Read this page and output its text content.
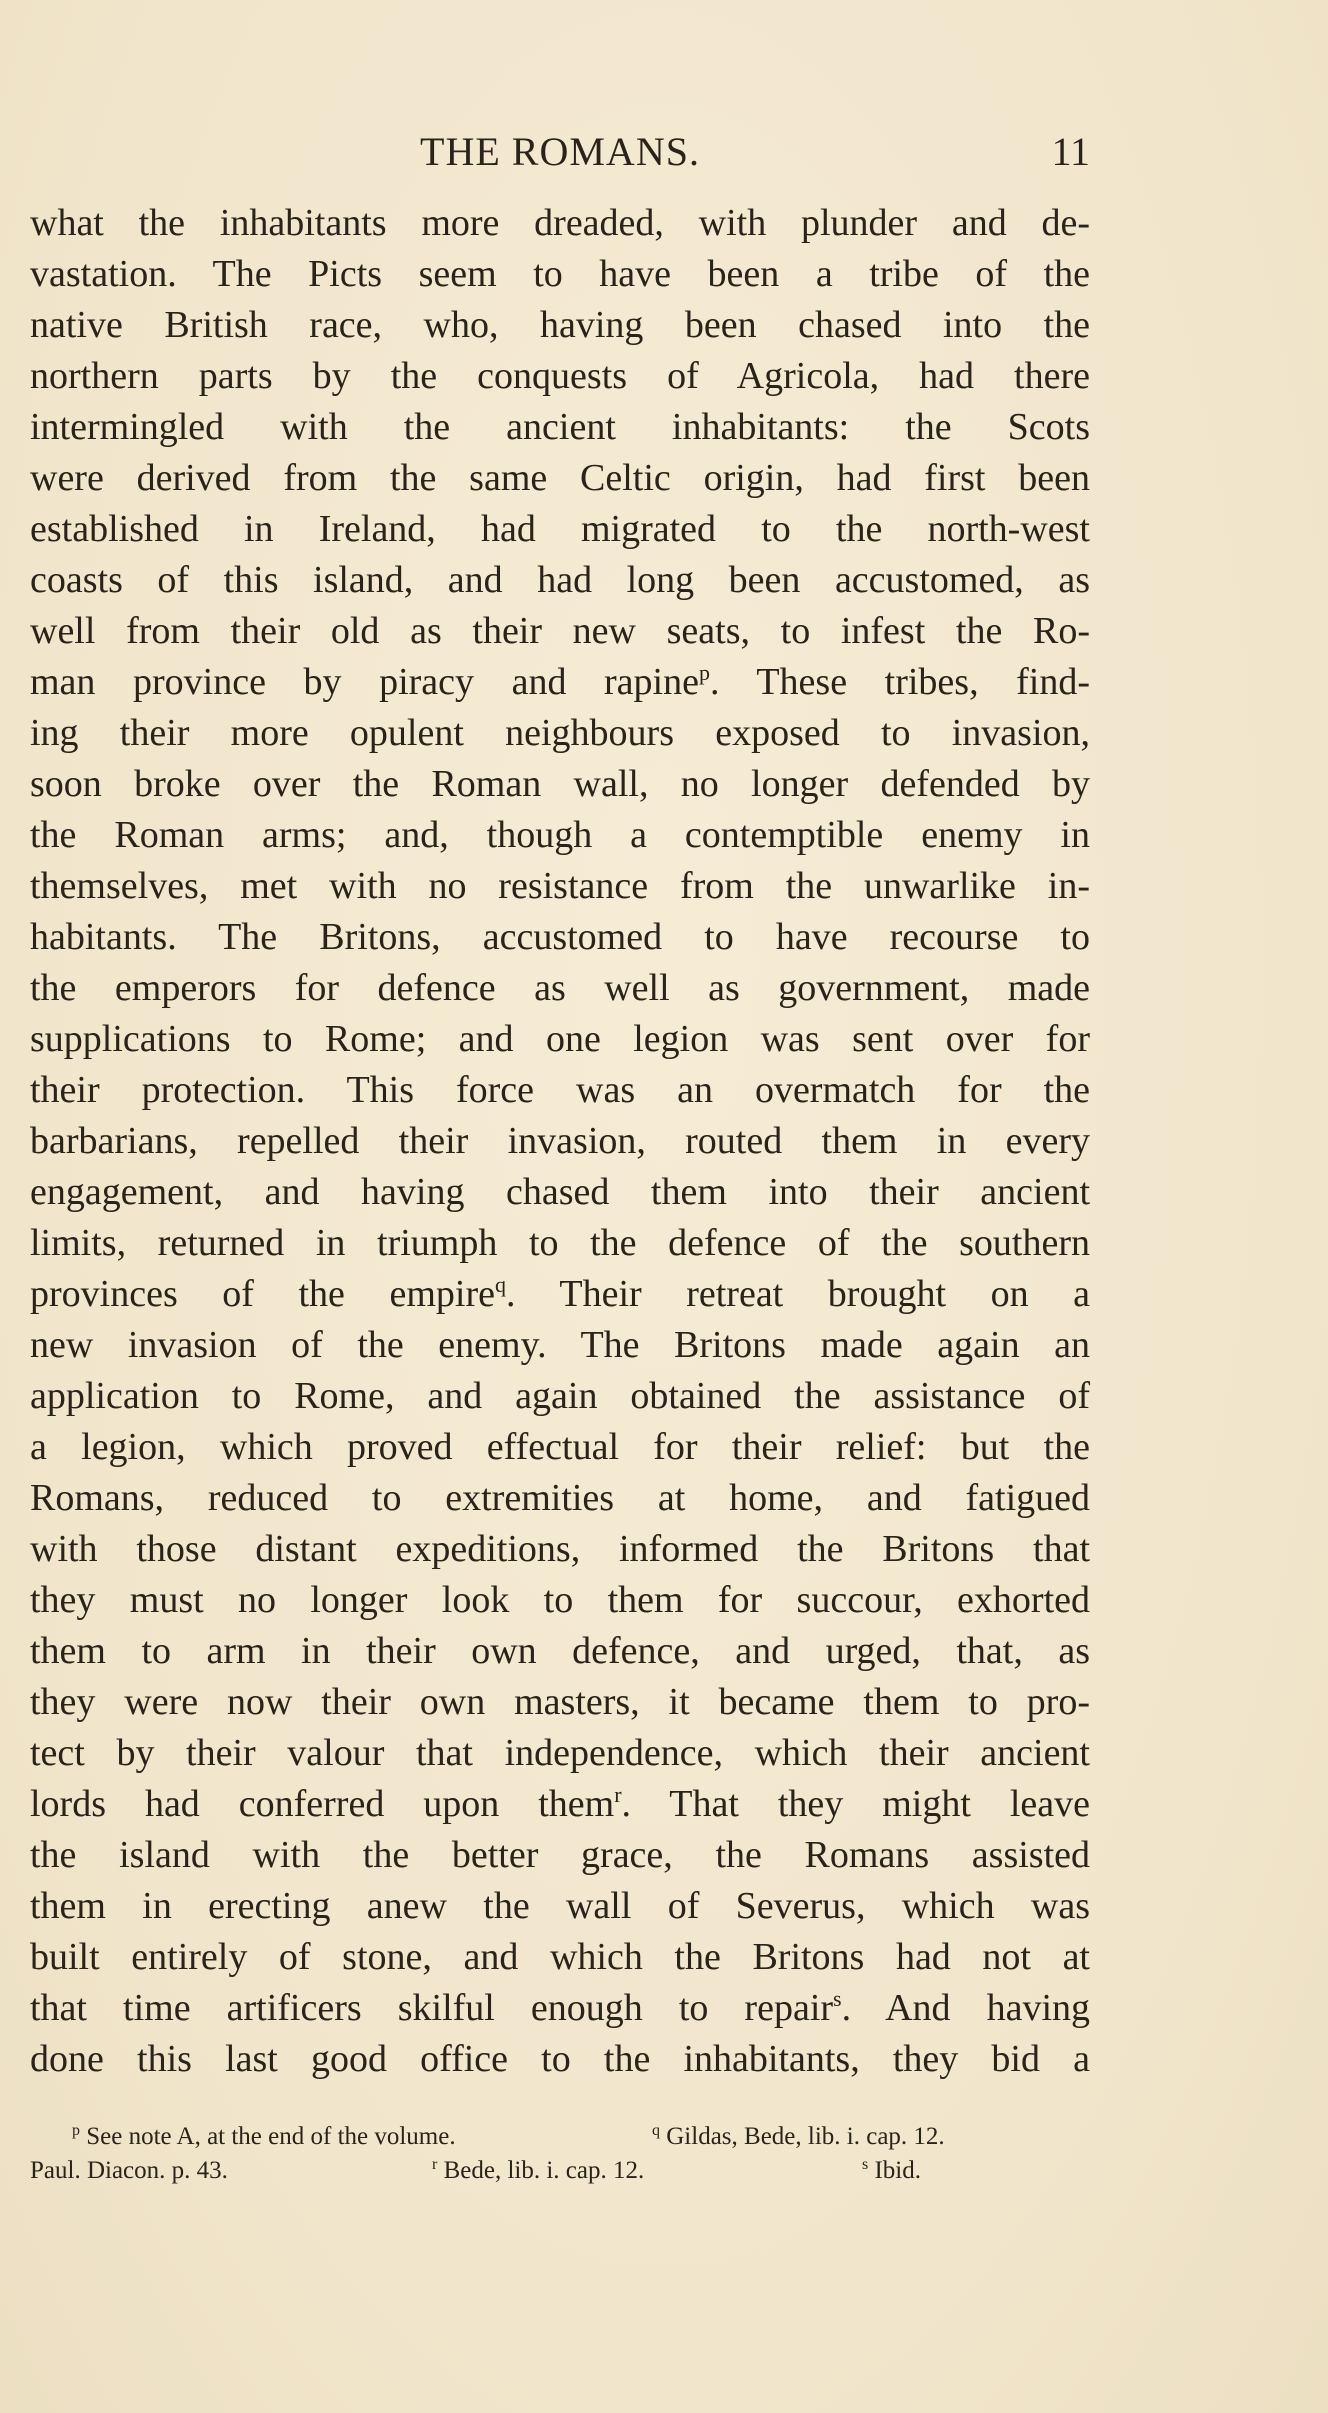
THE ROMANS.	11
what the inhabitants more dreaded, with plunder and de-
vastation. The Picts seem to have been a tribe of the
native British race, who, having been chased into the
northern parts by the conquests of Agricola, had there
intermingled with the ancient inhabitants: the Scots
were derived from the same Celtic origin, had first been
established in Ireland, had migrated to the north-west
coasts of this island, and had long been accustomed, as
well from their old as their new seats, to infest the Ro-
man province by piracy and rapine$^p$. These tribes, find-
ing their more opulent neighbours exposed to invasion,
soon broke over the Roman wall, no longer defended by
the Roman arms; and, though a contemptible enemy in
themselves, met with no resistance from the unwarlike in-
habitants. The Britons, accustomed to have recourse to
the emperors for defence as well as government, made
supplications to Rome; and one legion was sent over for
their protection. This force was an overmatch for the
barbarians, repelled their invasion, routed them in every
engagement, and having chased them into their ancient
limits, returned in triumph to the defence of the southern
provinces of the empire$^q$. Their retreat brought on a
new invasion of the enemy. The Britons made again an
application to Rome, and again obtained the assistance of
a legion, which proved effectual for their relief: but the
Romans, reduced to extremities at home, and fatigued
with those distant expeditions, informed the Britons that
they must no longer look to them for succour, exhorted
them to arm in their own defence, and urged, that, as
they were now their own masters, it became them to pro-
tect by their valour that independence, which their ancient
lords had conferred upon them$^r$. That they might leave
the island with the better grace, the Romans assisted
them in erecting anew the wall of Severus, which was
built entirely of stone, and which the Britons had not at
that time artificers skilful enough to repair$^s$. And having
done this last good office to the inhabitants, they bid a
$^p$ See note A, at the end of the volume.	$^q$ Gildas, Bede, lib. i. cap. 12.
Paul. Diacon. p. 43.	$^r$ Bede, lib. i. cap. 12.	$^s$ Ibid.
